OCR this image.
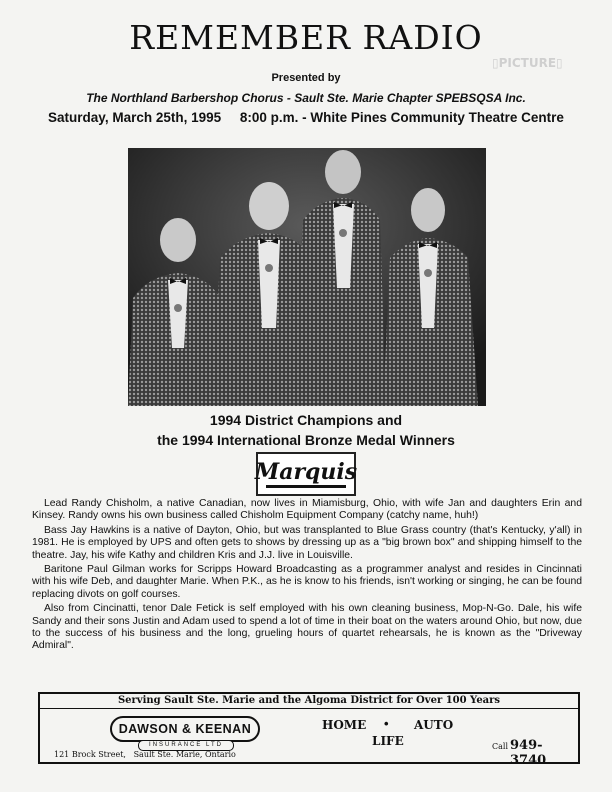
▯PICTURE▯
REMEMBER RADIO
Presented by
The Northland Barbershop Chorus - Sault Ste. Marie Chapter SPEBSQSA Inc.
Saturday, March 25th, 1995     8:00 p.m. - White Pines Community Theatre Centre
1994 District Champions and
the 1994 International Bronze Medal Winners
Marquis

Lead Randy Chisholm, a native Canadian, now lives in Miamisburg, Ohio, with wife Jan and daughters Erin and Kinsey. Randy owns his own business called Chisholm Equipment Company (catchy name, huh!)

Bass Jay Hawkins is a native of Dayton, Ohio, but was transplanted to Blue Grass country (that's Kentucky, y'all) in 1981. He is employed by UPS and often gets to shows by dressing up as a "big brown box" and shipping himself to the theatre. Jay, his wife Kathy and children Kris and J.J. live in Louisville.

Baritone Paul Gilman works for Scripps Howard Broadcasting as a programmer analyst and resides in Cincinnati with his wife Deb, and daughter Marie. When P.K., as he is know to his friends, isn't working or singing, he can be found replacing divots on golf courses.

Also from Cincinatti, tenor Dale Fetick is self employed with his own cleaning business, Mop-N-Go. Dale, his wife Sandy and their sons Justin and Adam used to spend a lot of time in their boat on the waters around Ohio, but now, due to the success of his business and the long, grueling hours of quartet rehearsals, he is known as the "Driveway Admiral".

Serving Sault Ste. Marie and the Algoma District for Over 100 Years
DAWSON & KEENAN
INSURANCE LTD
121 Brock Street,   Sault Ste. Marie, Ontario
HOME • AUTO
LIFE	Call 949-3740
